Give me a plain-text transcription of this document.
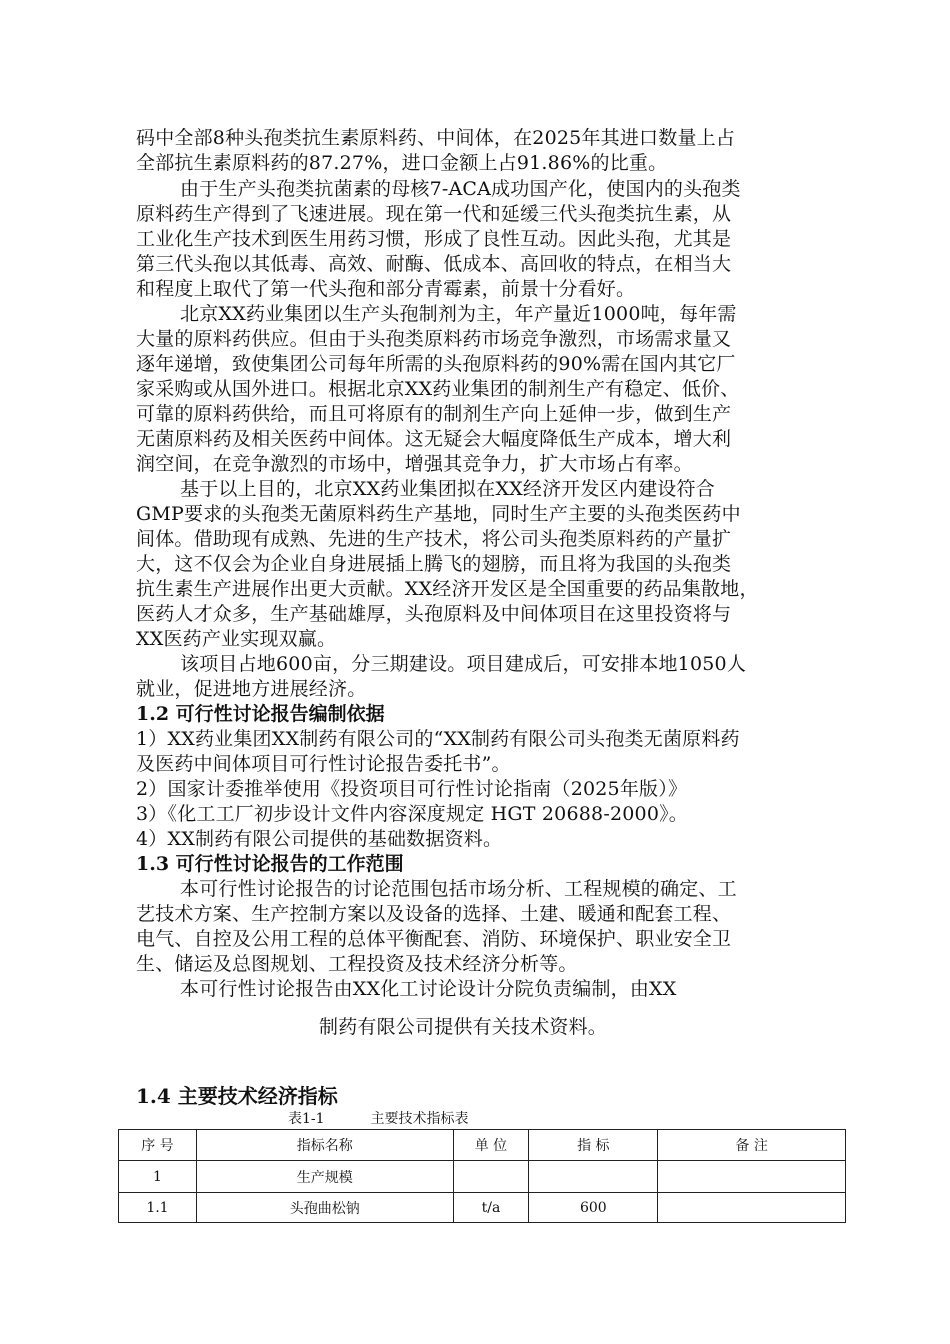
码中全部8种头孢类抗生素原料药、中间体，在2025年其进口数量上占
全部抗生素原料药的87.27%，进口金额上占91.86%的比重。
由于生产头孢类抗菌素的母核7-ACA成功国产化，使国内的头孢类
原料药生产得到了飞速进展。现在第一代和延缓三代头孢类抗生素，从
工业化生产技术到医生用药习惯，形成了良性互动。因此头孢，尤其是
第三代头孢以其低毒、高效、耐酶、低成本、高回收的特点，在相当大
和程度上取代了第一代头孢和部分青霉素，前景十分看好。
北京XX药业集团以生产头孢制剂为主，年产量近1000吨，每年需
大量的原料药供应。但由于头孢类原料药市场竞争激烈，市场需求量又
逐年递增，致使集团公司每年所需的头孢原料药的90%需在国内其它厂
家采购或从国外进口。根据北京XX药业集团的制剂生产有稳定、低价、
可靠的原料药供给，而且可将原有的制剂生产向上延伸一步，做到生产
无菌原料药及相关医药中间体。这无疑会大幅度降低生产成本，增大利
润空间，在竞争激烈的市场中，增强其竞争力，扩大市场占有率。
基于以上目的，北京XX药业集团拟在XX经济开发区内建设符合
GMP要求的头孢类无菌原料药生产基地，同时生产主要的头孢类医药中
间体。借助现有成熟、先进的生产技术，将公司头孢类原料药的产量扩
大，这不仅会为企业自身进展插上腾飞的翅膀，而且将为我国的头孢类
抗生素生产进展作出更大贡献。XX经济开发区是全国重要的药品集散地，
医药人才众多，生产基础雄厚，头孢原料及中间体项目在这里投资将与
XX医药产业实现双赢。
该项目占地600亩，分三期建设。项目建成后，可安排本地1050人
就业，促进地方进展经济。
1.2 可行性讨论报告编制依据
1）XX药业集团XX制药有限公司的“XX制药有限公司头孢类无菌原料药
及医药中间体项目可行性讨论报告委托书”。
2）国家计委推举使用《投资项目可行性讨论指南（2025年版）》
3）《化工工厂初步设计文件内容深度规定 HGT 20688-2000》。
4）XX制药有限公司提供的基础数据资料。
1.3 可行性讨论报告的工作范围
本可行性讨论报告的讨论范围包括市场分析、工程规模的确定、工
艺技术方案、生产控制方案以及设备的选择、土建、暖通和配套工程、
电气、自控及公用工程的总体平衡配套、消防、环境保护、职业安全卫
生、储运及总图规划、工程投资及技术经济分析等。
本可行性讨论报告由XX化工讨论设计分院负责编制，由XX
制药有限公司提供有关技术资料。
1.4 主要技术经济指标
表1-1	主要技术指标表
序 号	指标名称	单 位	指 标	备 注
1	生产规模			
1.1	头孢曲松钠	t/a	600	
